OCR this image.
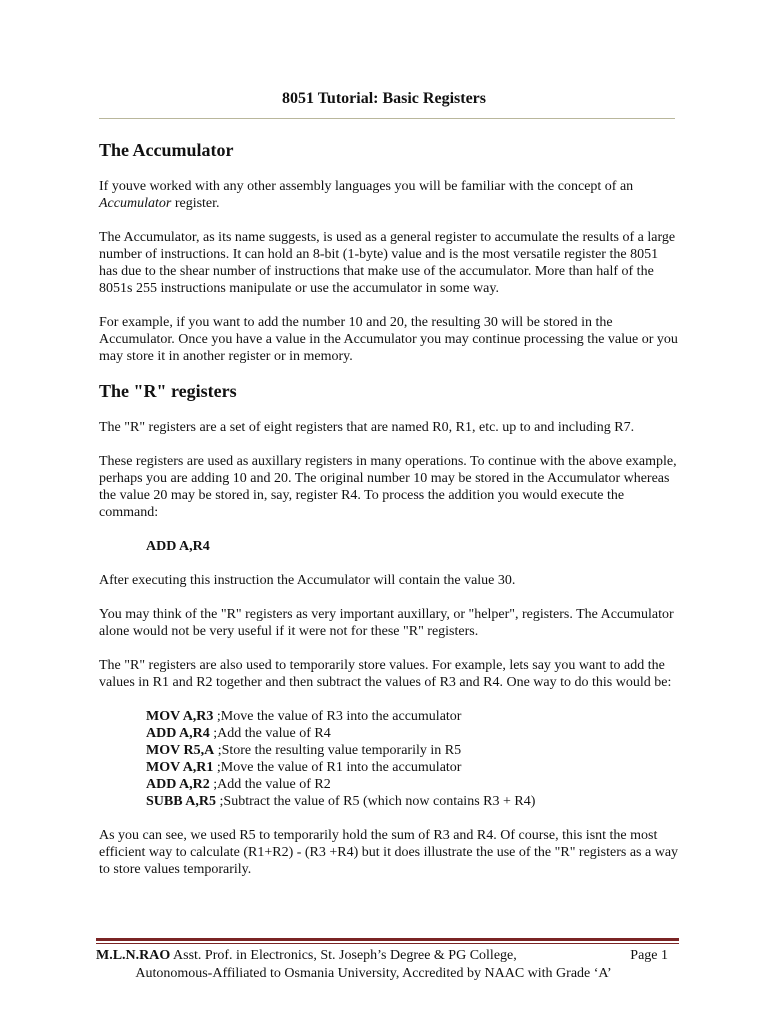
8051 Tutorial: Basic Registers
The Accumulator

If youve worked with any other assembly languages you will be familiar with the concept of an Accumulator register.

The Accumulator, as its name suggests, is used as a general register to accumulate the results of a large number of instructions. It can hold an 8-bit (1-byte) value and is the most versatile register the 8051 has due to the shear number of instructions that make use of the accumulator. More than half of the 8051s 255 instructions manipulate or use the accumulator in some way.

For example, if you want to add the number 10 and 20, the resulting 30 will be stored in the Accumulator. Once you have a value in the Accumulator you may continue processing the value or you may store it in another register or in memory.

The "R" registers

The "R" registers are a set of eight registers that are named R0, R1, etc. up to and including R7.

These registers are used as auxillary registers in many operations. To continue with the above example, perhaps you are adding 10 and 20. The original number 10 may be stored in the Accumulator whereas the value 20 may be stored in, say, register R4. To process the addition you would execute the command:

ADD A,R4

After executing this instruction the Accumulator will contain the value 30.

You may think of the "R" registers as very important auxillary, or "helper", registers. The Accumulator alone would not be very useful if it were not for these "R" registers.

The "R" registers are also used to temporarily store values. For example, lets say you want to add the values in R1 and R2 together and then subtract the values of R3 and R4. One way to do this would be:

MOV A,R3 ;Move the value of R3 into the accumulator
ADD A,R4 ;Add the value of R4
MOV R5,A ;Store the resulting value temporarily in R5
MOV A,R1 ;Move the value of R1 into the accumulator
ADD A,R2 ;Add the value of R2
SUBB A,R5 ;Subtract the value of R5 (which now contains R3 + R4)

As you can see, we used R5 to temporarily hold the sum of R3 and R4. Of course, this isnt the most efficient way to calculate (R1+R2) - (R3 +R4) but it does illustrate the use of the "R" registers as a way to store values temporarily.

M.L.N.RAO Asst. Prof. in Electronics, St. Joseph’s Degree & PG College,	Page 1
Autonomous-Affiliated to Osmania University, Accredited by NAAC with Grade ‘A’
